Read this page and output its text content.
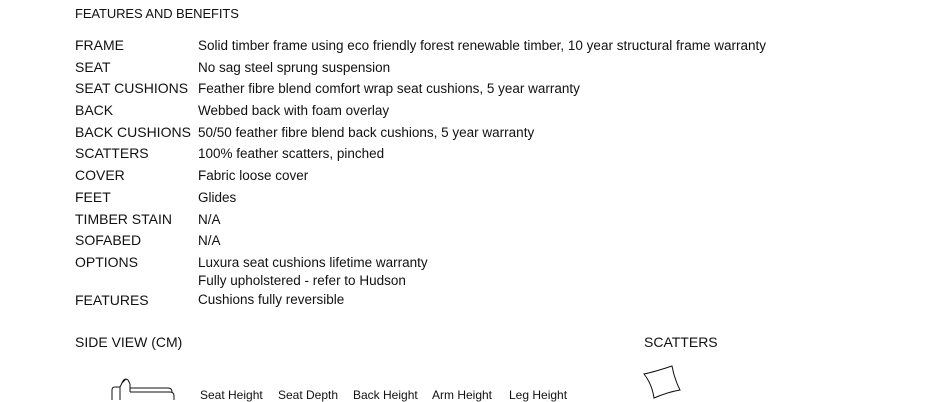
FEATURES AND BENEFITS
FRAME	Solid timber frame using eco friendly forest renewable timber, 10 year structural frame warranty
SEAT	No sag steel sprung suspension
SEAT CUSHIONS Feather fibre blend comfort wrap seat cushions, 5 year warranty
BACK	Webbed back with foam overlay
BACK CUSHIONS 50/50 feather fibre blend back cushions, 5 year warranty
SCATTERS	100% feather scatters, pinched
COVER	Fabric loose cover
FEET	Glides
TIMBER STAIN N/A
SOFABED	N/A
OPTIONS	Luxura seat cushions lifetime warranty
Fully upholstered - refer to Hudson
FEATURES	Cushions fully reversible
SIDE VIEW (CM)	SCATTERS
Seat Height Seat Depth Back Height Arm Height Leg Height
